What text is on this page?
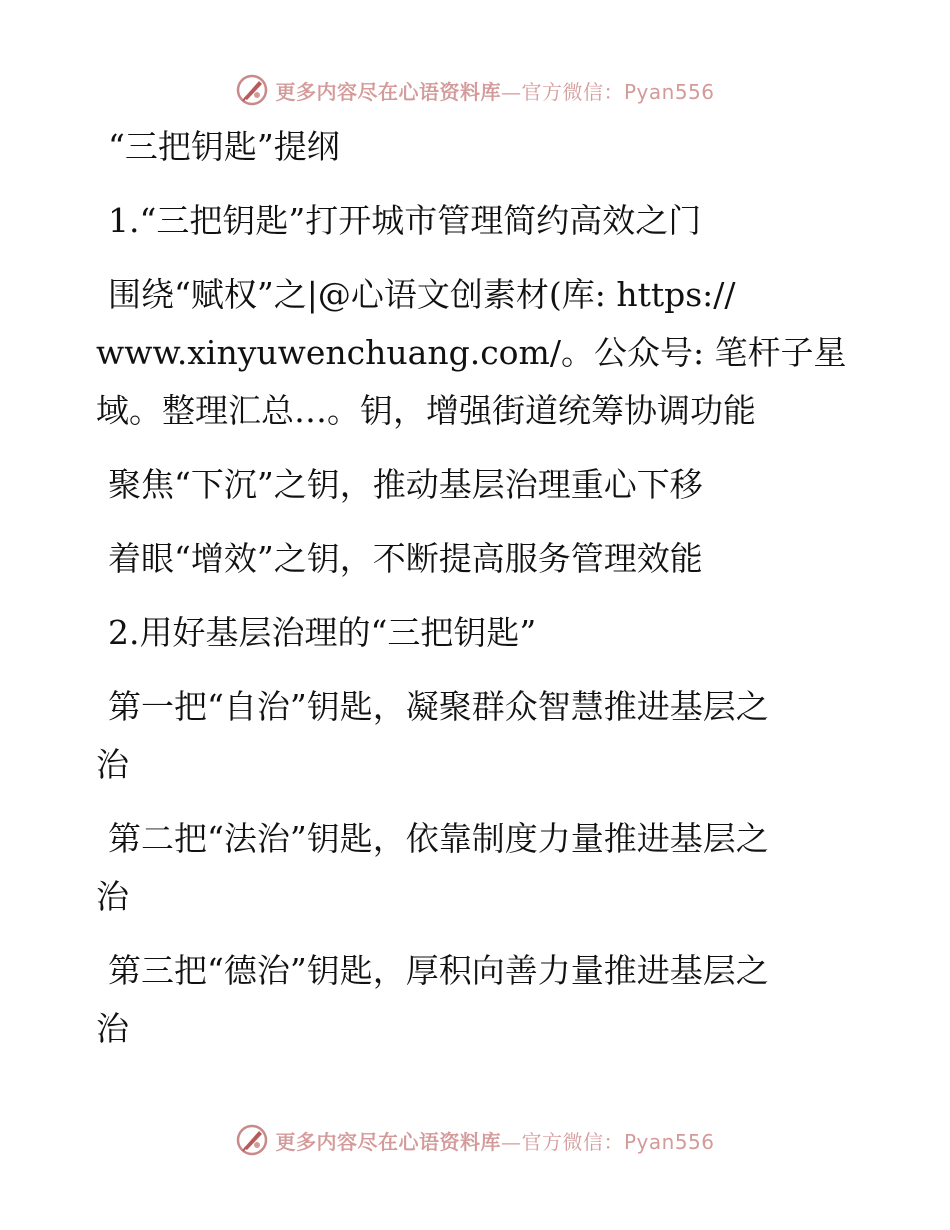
更多内容尽在心语资料库—官方微信：Pyan556
“三把钥匙”提纲
1.“三把钥匙”打开城市管理简约高效之门
围绕“赋权”之|@心语文创素材(库: https://
www.xinyuwenchuang.com/。公众号: 笔杆子星
域。整理汇总…。钥，增强街道统筹协调功能
聚焦“下沉”之钥，推动基层治理重心下移
着眼“增效”之钥，不断提高服务管理效能
2.用好基层治理的“三把钥匙”
第一把“自治”钥匙，凝聚群众智慧推进基层之
治
第二把“法治”钥匙，依靠制度力量推进基层之
治
第三把“德治”钥匙，厚积向善力量推进基层之
治
更多内容尽在心语资料库—官方微信：Pyan556
